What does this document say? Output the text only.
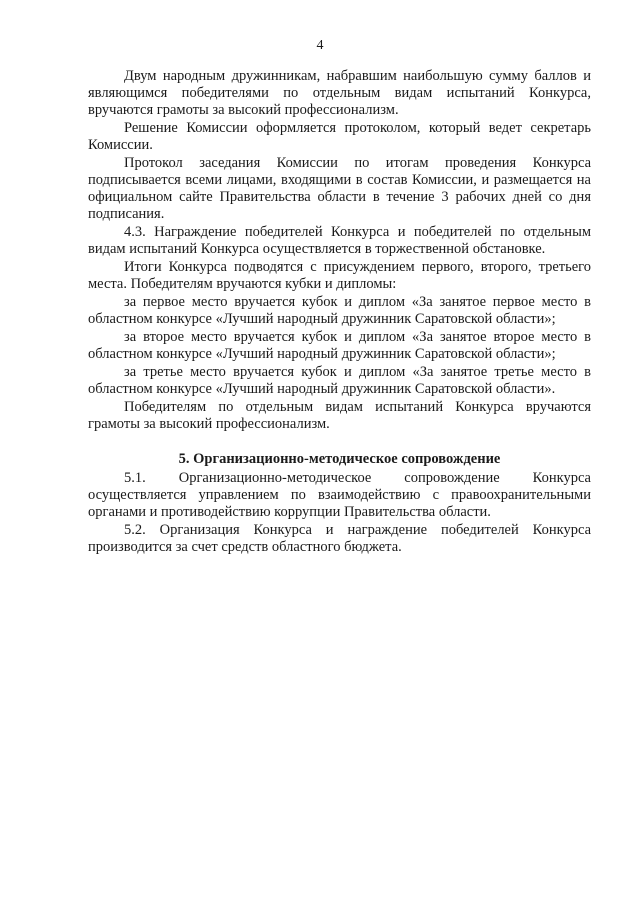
4

Двум народным дружинникам, набравшим наибольшую сумму баллов и являющимся победителями по отдельным видам испытаний Конкурса, вручаются грамоты за высокий профессионализм.

Решение Комиссии оформляется протоколом, который ведет секретарь Комиссии.

Протокол заседания Комиссии по итогам проведения Конкурса подписывается всеми лицами, входящими в состав Комиссии, и размещается на официальном сайте Правительства области в течение 3 рабочих дней со дня подписания.

4.3. Награждение победителей Конкурса и победителей по отдельным видам испытаний Конкурса осуществляется в торжественной обстановке.

Итоги Конкурса подводятся с присуждением первого, второго, третьего места. Победителям вручаются кубки и дипломы:

за первое место вручается кубок и диплом «За занятое первое место в областном конкурсе «Лучший народный дружинник Саратовской области»;

за второе место вручается кубок и диплом «За занятое второе место в областном конкурсе «Лучший народный дружинник Саратовской области»;

за третье место вручается кубок и диплом «За занятое третье место в областном конкурсе «Лучший народный дружинник Саратовской области».

Победителям по отдельным видам испытаний Конкурса вручаются грамоты за высокий профессионализм.

5. Организационно-методическое сопровождение

5.1. Организационно-методическое сопровождение Конкурса осуществляется управлением по взаимодействию с правоохранительными органами и противодействию коррупции Правительства области.

5.2. Организация Конкурса и награждение победителей Конкурса производится за счет средств областного бюджета.
